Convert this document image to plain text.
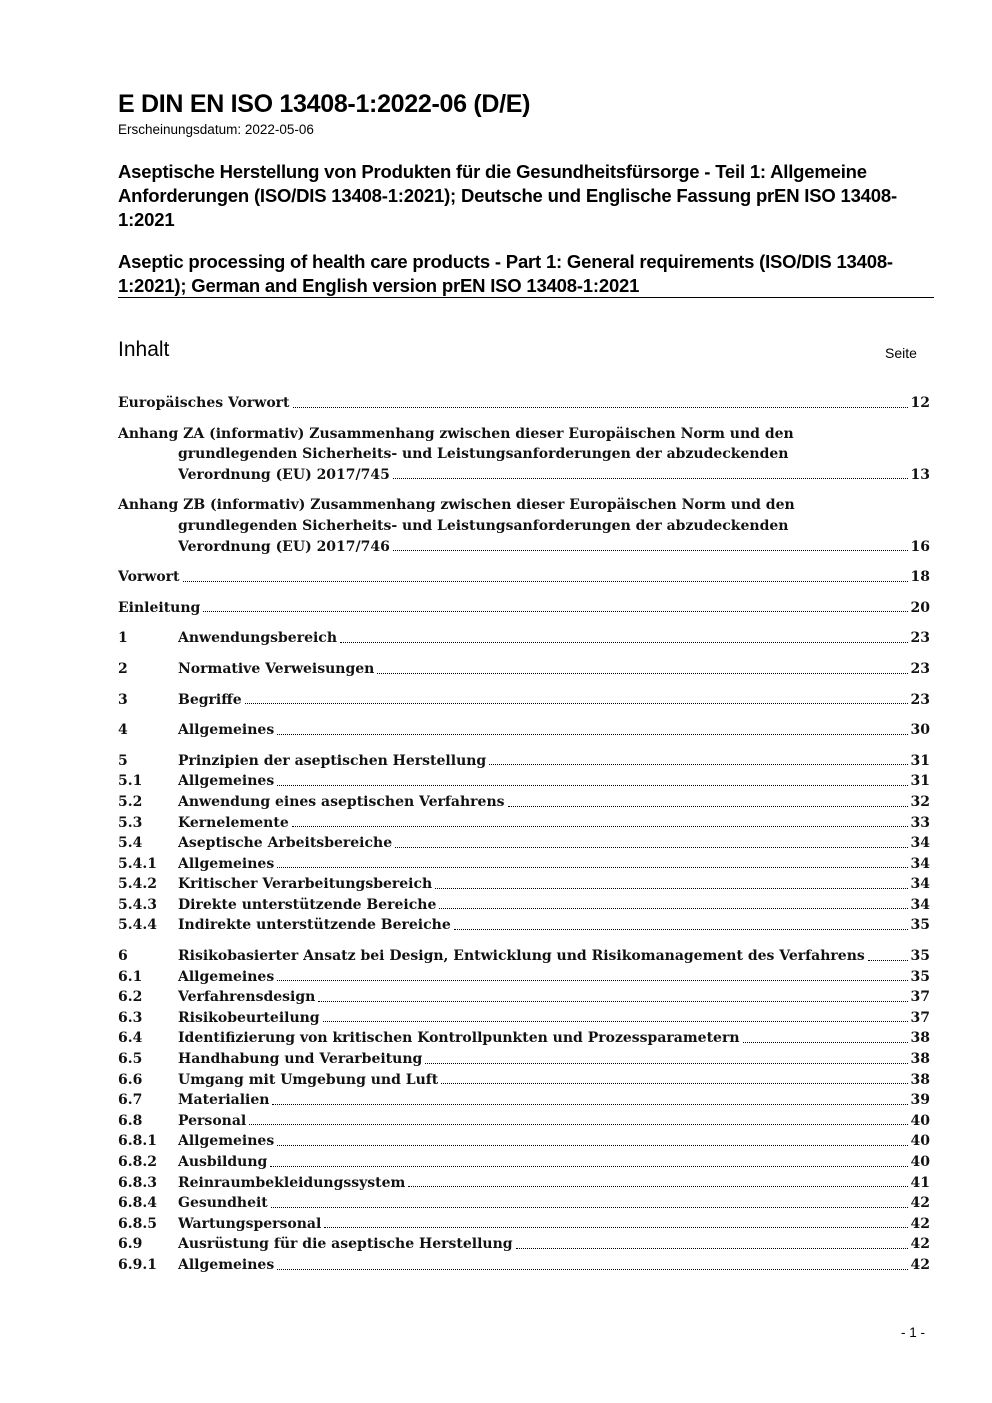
E DIN EN ISO 13408-1:2022-06 (D/E)
Erscheinungsdatum: 2022-05-06
Aseptische Herstellung von Produkten für die Gesundheitsfürsorge - Teil 1: Allgemeine Anforderungen (ISO/DIS 13408-1:2021); Deutsche und Englische Fassung prEN ISO 13408-1:2021
Aseptic processing of health care products - Part 1: General requirements (ISO/DIS 13408-1:2021); German and English version prEN ISO 13408-1:2021
Inhalt	Seite
Europäisches Vorwort	12
Anhang ZA (informativ) Zusammenhang zwischen dieser Europäischen Norm und den
grundlegenden Sicherheits- und Leistungsanforderungen der abzudeckenden
Verordnung (EU) 2017/745	13
Anhang ZB (informativ) Zusammenhang zwischen dieser Europäischen Norm und den
grundlegenden Sicherheits- und Leistungsanforderungen der abzudeckenden
Verordnung (EU) 2017/746	16
Vorwort	18
Einleitung	20
1	Anwendungsbereich	23
2	Normative Verweisungen	23
3	Begriffe	23
4	Allgemeines	30
5	Prinzipien der aseptischen Herstellung	31
5.1	Allgemeines	31
5.2	Anwendung eines aseptischen Verfahrens	32
5.3	Kernelemente	33
5.4	Aseptische Arbeitsbereiche	34
5.4.1	Allgemeines	34
5.4.2	Kritischer Verarbeitungsbereich	34
5.4.3	Direkte unterstützende Bereiche	34
5.4.4	Indirekte unterstützende Bereiche	35
6	Risikobasierter Ansatz bei Design, Entwicklung und Risikomanagement des Verfahrens	35
6.1	Allgemeines	35
6.2	Verfahrensdesign	37
6.3	Risikobeurteilung	37
6.4	Identifizierung von kritischen Kontrollpunkten und Prozessparametern	38
6.5	Handhabung und Verarbeitung	38
6.6	Umgang mit Umgebung und Luft	38
6.7	Materialien	39
6.8	Personal	40
6.8.1	Allgemeines	40
6.8.2	Ausbildung	40
6.8.3	Reinraumbekleidungssystem	41
6.8.4	Gesundheit	42
6.8.5	Wartungspersonal	42
6.9	Ausrüstung für die aseptische Herstellung	42
6.9.1	Allgemeines	42
- 1 -
